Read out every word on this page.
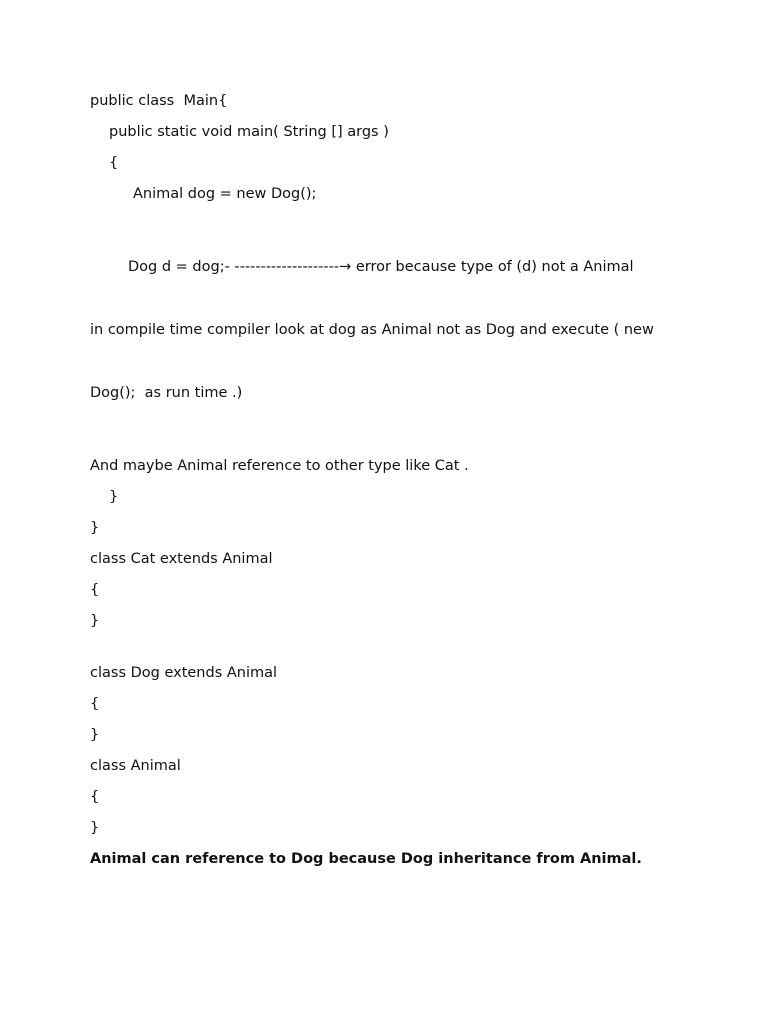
public class  Main{
public static void main( String [] args )
{
Animal dog = new Dog();

Dog d = dog;- --------------------→ error because type of (d) not a Animal

in compile time compiler look at dog as Animal not as Dog and execute ( new

Dog();  as run time .)

And maybe Animal reference to other type like Cat .
}
}
class Cat extends Animal
{
}
class Dog extends Animal
{
}
class Animal
{
}
Animal can reference to Dog because Dog inheritance from Animal.
